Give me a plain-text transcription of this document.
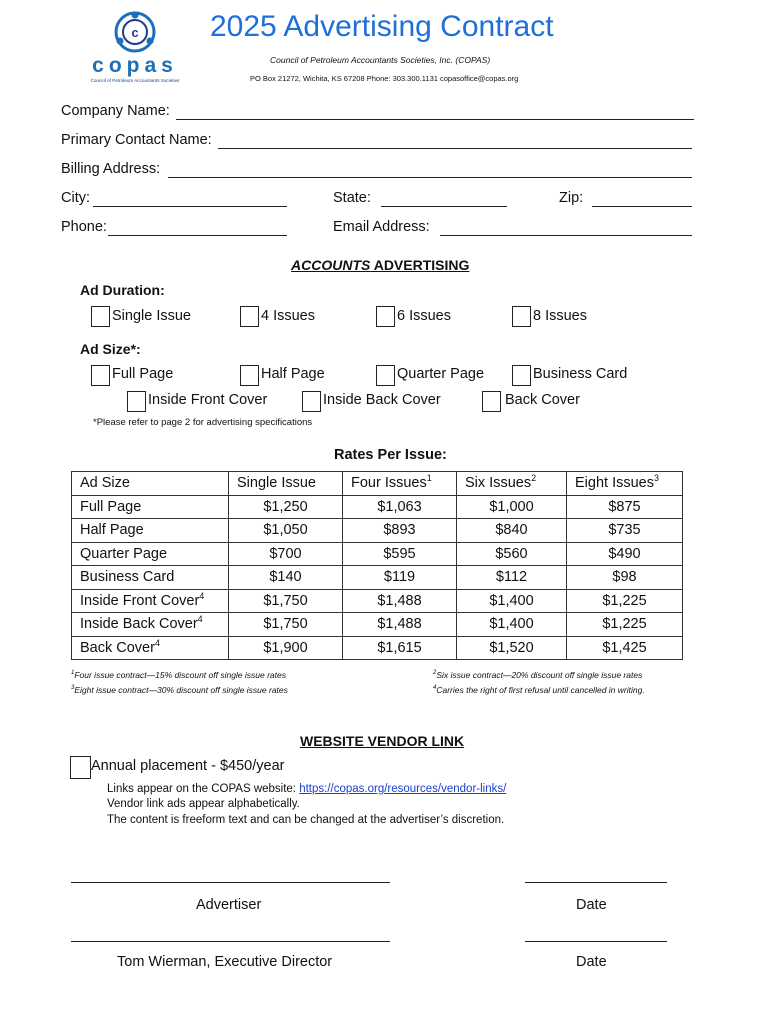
c
copas
Council of Petroleum Accountants Societies
2025 Advertising Contract
Council of Petroleum Accountants Societies, Inc. (COPAS)
PO Box 21272, Wichita, KS 67208 Phone: 303.300.1131 copasoffice@copas.org
Company Name:
Primary Contact Name:
Billing Address:
City:	State:	Zip:
Phone:	Email Address:
ACCOUNTS ADVERTISING
Ad Duration:
Single Issue	4 Issues	6 Issues	8 Issues
Ad Size*:
Full Page	Half Page	Quarter Page	Business Card
Inside Front Cover	Inside Back Cover	Back Cover
*Please refer to page 2 for advertising specifications
Rates Per Issue:
Ad Size	Single Issue	Four Issues$^1$	Six Issues$^2$	Eight Issues$^3$
Full Page	$1,250	$1,063	$1,000	$875
Half Page	$1,050	$893	$840	$735
Quarter Page	$700	$595	$560	$490
Business Card	$140	$119	$112	$98
Inside Front Cover$^4$	$1,750	$1,488	$1,400	$1,225
Inside Back Cover$^4$	$1,750	$1,488	$1,400	$1,225
Back Cover$^4$	$1,900	$1,615	$1,520	$1,425
$^1$Four issue contract—15% discount off single issue rates	$^2$Six issue contract—20% discount off single issue rates
$^3$Eight issue contract—30% discount off single issue rates	$^4$Carries the right of first refusal until cancelled in writing.
WEBSITE VENDOR LINK
Annual placement - $450/year
Links appear on the COPAS website: https://copas.org/resources/vendor-links/
Vendor link ads appear alphabetically.
The content is freeform text and can be changed at the advertiser’s discretion.
Advertiser	Date
Tom Wierman, Executive Director	Date
